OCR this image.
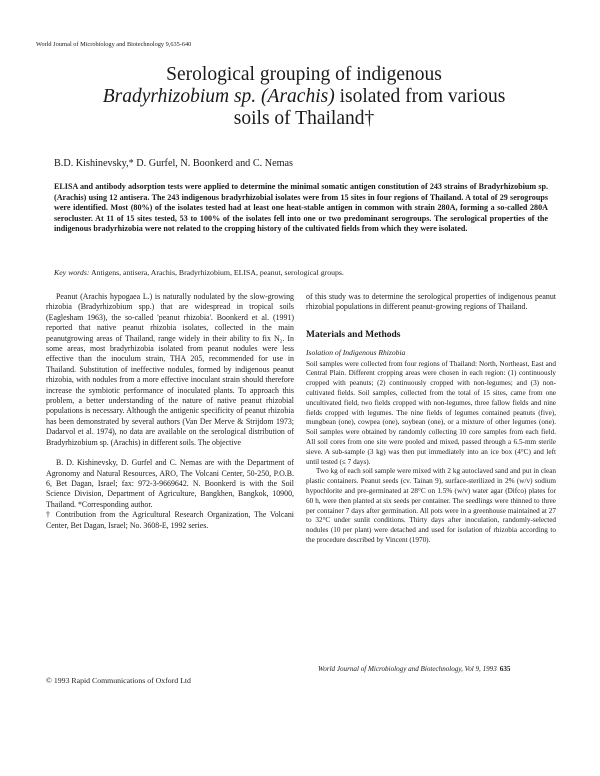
World Journal of Microbiology and Biotechnology 9,635-640
Serological grouping of indigenous
Bradyrhizobium sp. (Arachis) isolated from various
soils of Thailand†
B.D. Kishinevsky,* D. Gurfel, N. Boonkerd and C. Nemas
ELISA and antibody adsorption tests were applied to determine the minimal somatic antigen constitution of 243 strains of Bradyrhizobium sp. (Arachis) using 12 antisera. The 243 indigenous bradyrhizobial isolates were from 15 sites in four regions of Thailand. A total of 29 serogroups were identified. Most (80%) of the isolates tested had at least one heat-stable antigen in common with strain 280A, forming a so-called 280A serocluster. At 11 of 15 sites tested, 53 to 100% of the isolates fell into one or two predominant serogroups. The serological properties of the indigenous bradyrhizobia were not related to the cropping history of the cultivated fields from which they were isolated.
Key words: Antigens, antisera, Arachis, Bradyrhizobium, ELISA, peanut, serological groups.

Peanut (Arachis hypogaea L.) is naturally nodulated by the slow-growing rhizobia (Bradyrhizobium spp.) that are widespread in tropical soils (Eaglesham 1963), the so-called 'peanut rhizobia'. Boonkerd et al. (1991) reported that native peanut rhizobia isolates, collected in the main peanutgrowing areas of Thailand, range widely in their ability to fix N₂. In some areas, most bradyrhizobia isolated from peanut nodules were less effective than the inoculum strain, THA 205, recommended for use in Thailand. Substitution of ineffective nodules, formed by indigenous peanut rhizobia, with nodules from a more effective inoculant strain should therefore increase the symbiotic performance of inoculated plants. To approach this problem, a better understanding of the nature of native peanut rhizobial populations is necessary. Although the antigenic specificity of peanut rhizobia has been demonstrated by several authors (Van Der Merve & Strijdom 1973; Dadarvol et al. 1974), no data are available on the serological distribution of Bradyrhizobium sp. (Arachis) in different soils. The objective

B. D. Kishinevsky, D. Gurfel and C. Nemas are with the Department of Agronomy and Natural Resources, ARO, The Volcani Center, 50-250, P.O.B. 6, Bet Dagan, Israel; fax: 972-3-9669642. N. Boonkerd is with the Soil Science Division, Department of Agriculture, Bangkhen, Bangkok, 10900, Thailand. *Corresponding author.

† Contribution from the Agricultural Research Organization, The Volcani Center, Bet Dagan, Israel; No. 3608-E, 1992 series.

© 1993 Rapid Communications of Oxford Ltd

of this study was to determine the serological properties of indigenous peanut rhizobial populations in different peanut-growing regions of Thailand.

Materials and Methods

Isolation of Indigenous Rhizobia

Soil samples were collected from four regions of Thailand: North, Northeast, East and Central Plain. Different cropping areas were chosen in each region: (1) continuously cropped with peanuts; (2) continuously cropped with non-legumes; and (3) non-cultivated fields. Soil samples, collected from the total of 15 sites, came from one uncultivated field, two fields cropped with non-legumes, three fallow fields and nine fields cropped with legumes. The nine fields of legumes contained peanuts (five), mungbean (one), cowpea (one), soybean (one), or a mixture of other legumes (one). Soil samples were obtained by randomly collecting 10 core samples from each field. All soil cores from one site were pooled and mixed, passed through a 6.5-mm sterile sieve. A sub-sample (3 kg) was then put immediately into an ice box (4°C) and left until tested (≤ 7 days).

Two kg of each soil sample were mixed with 2 kg autoclaved sand and put in clean plastic containers. Peanut seeds (cv. Tainan 9), surface-sterilized in 2% (w/v) sodium hypochlorite and pre-germinated at 28°C on 1.5% (w/v) water agar (Difco) plates for 60 h, were then planted at six seeds per container. The seedlings were thinned to three per container 7 days after germination. All pots were in a greenhouse maintained at 27 to 32°C under sunlit conditions. Thirty days after inoculation, randomly-selected nodules (10 per plant) were detached and used for isolation of rhizobia according to the procedure described by Vincent (1970).

World Journal of Microbiology and Biotechnology, Vol 9, 1993 635
